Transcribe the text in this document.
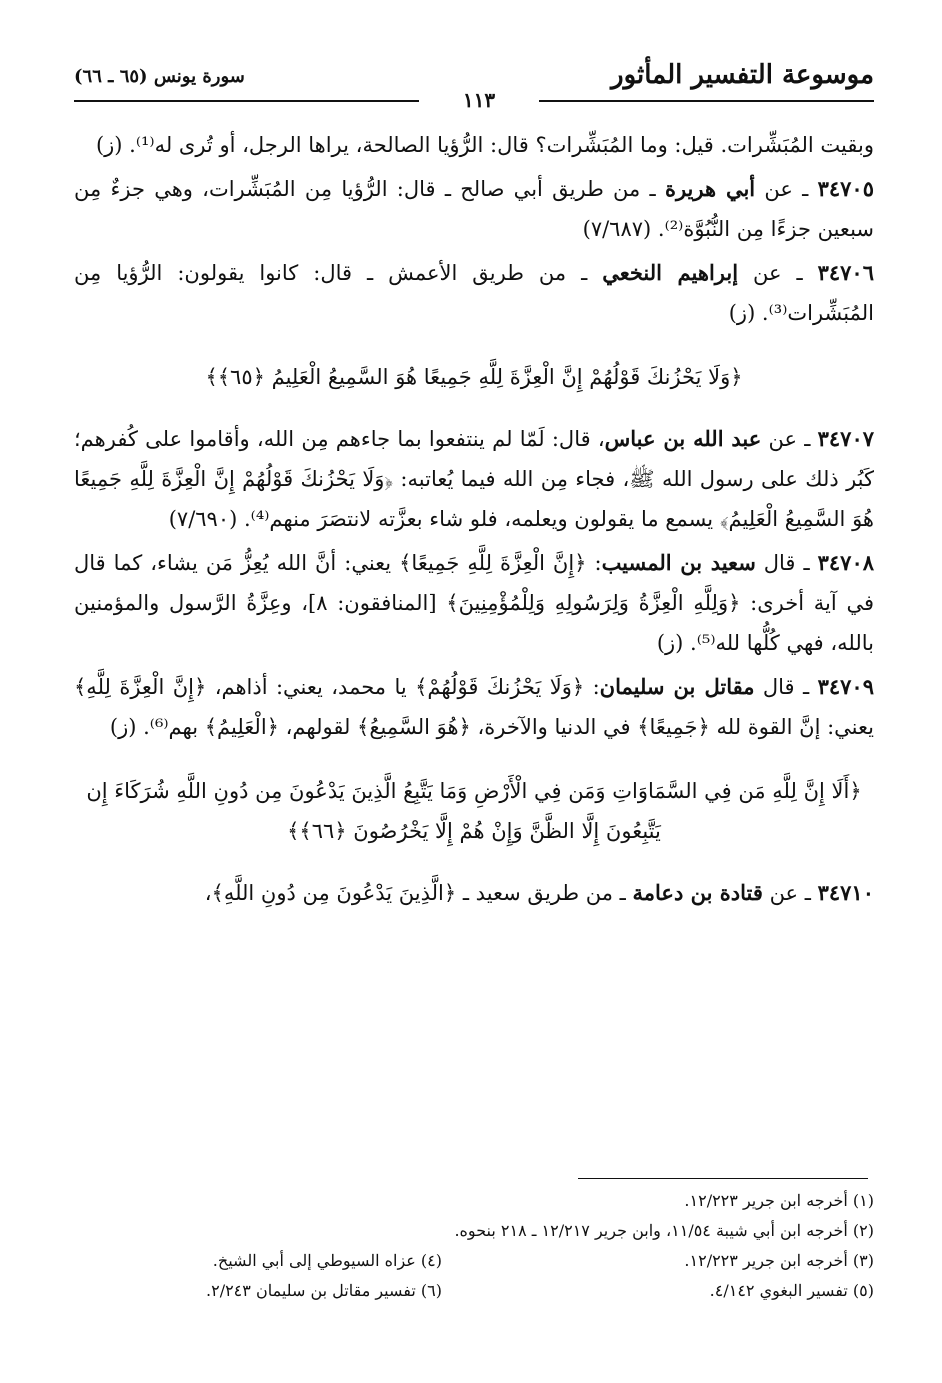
موسوعة التفسير المأثور
سورة يونس (٦٥ ـ ٦٦)
١١٣

وبقيت المُبَشِّرات. قيل: وما المُبَشِّرات؟ قال: الرُّؤيا الصالحة، يراها الرجل، أو تُرى له⁽¹⁾. (ز)

٣٤٧٠٥ ـ عن أبي هريرة ـ من طريق أبي صالح ـ قال: الرُّؤيا مِن المُبَشِّرات، وهي جزءٌ مِن سبعين جزءًا مِن النُّبُوَّة⁽²⁾. (٧/٦٨٧)

٣٤٧٠٦ ـ عن إبراهيم النخعي ـ من طريق الأعمش ـ قال: كانوا يقولون: الرُّؤيا مِن المُبَشِّرات⁽³⁾. (ز)

﴿وَلَا يَحْزُنكَ قَوْلُهُمْ إِنَّ الْعِزَّةَ لِلَّهِ جَمِيعًا هُوَ السَّمِيعُ الْعَلِيمُ ﴿٦٥﴾﴾

٣٤٧٠٧ ـ عن عبد الله بن عباس، قال: لَمّا لم ينتفعوا بما جاءهم مِن الله، وأقاموا على كُفرهم؛ كَبُر ذلك على رسول الله ﷺ، فجاء مِن الله فيما يُعاتبه: ﴿وَلَا يَحْزُنكَ قَوْلُهُمْ إِنَّ الْعِزَّةَ لِلَّهِ جَمِيعًا هُوَ السَّمِيعُ الْعَلِيمُ﴾ يسمع ما يقولون ويعلمه، فلو شاء بعزَّته لانتصَرَ منهم⁽⁴⁾. (٧/٦٩٠)

٣٤٧٠٨ ـ قال سعيد بن المسيب: ﴿إِنَّ الْعِزَّةَ لِلَّهِ جَمِيعًا﴾ يعني: أنَّ الله يُعِزُّ مَن يشاء، كما قال في آية أخرى: ﴿وَلِلَّهِ الْعِزَّةُ وَلِرَسُولِهِ وَلِلْمُؤْمِنِينَ﴾ [المنافقون: ٨]، وعِزَّةُ الرَّسول والمؤمنين بالله، فهي كُلُّها لله⁽⁵⁾. (ز)

٣٤٧٠٩ ـ قال مقاتل بن سليمان: ﴿وَلَا يَحْزُنكَ قَوْلُهُمْ﴾ يا محمد، يعني: أذاهم، ﴿إِنَّ الْعِزَّةَ لِلَّهِ﴾ يعني: إنَّ القوة لله ﴿جَمِيعًا﴾ في الدنيا والآخرة، ﴿هُوَ السَّمِيعُ﴾ لقولهم، ﴿الْعَلِيمُ﴾ بهم⁽⁶⁾. (ز)

﴿أَلَا إِنَّ لِلَّهِ مَن فِي السَّمَاوَاتِ وَمَن فِي الْأَرْضِ وَمَا يَتَّبِعُ الَّذِينَ يَدْعُونَ مِن دُونِ اللَّهِ شُرَكَاءَ إِن يَتَّبِعُونَ إِلَّا الظَّنَّ وَإِنْ هُمْ إِلَّا يَخْرُصُونَ ﴿٦٦﴾﴾

٣٤٧١٠ ـ عن قتادة بن دعامة ـ من طريق سعيد ـ ﴿الَّذِينَ يَدْعُونَ مِن دُونِ اللَّهِ﴾،

(١) أخرجه ابن جرير ١٢/٢٢٣.
(٢) أخرجه ابن أبي شيبة ١١/٥٤، وابن جرير ١٢/٢١٧ ـ ٢١٨ بنحوه.
(٣) أخرجه ابن جرير ١٢/٢٢٣.
(٤) عزاه السيوطي إلى أبي الشيخ.
(٥) تفسير البغوي ٤/١٤٢.
(٦) تفسير مقاتل بن سليمان ٢/٢٤٣.
